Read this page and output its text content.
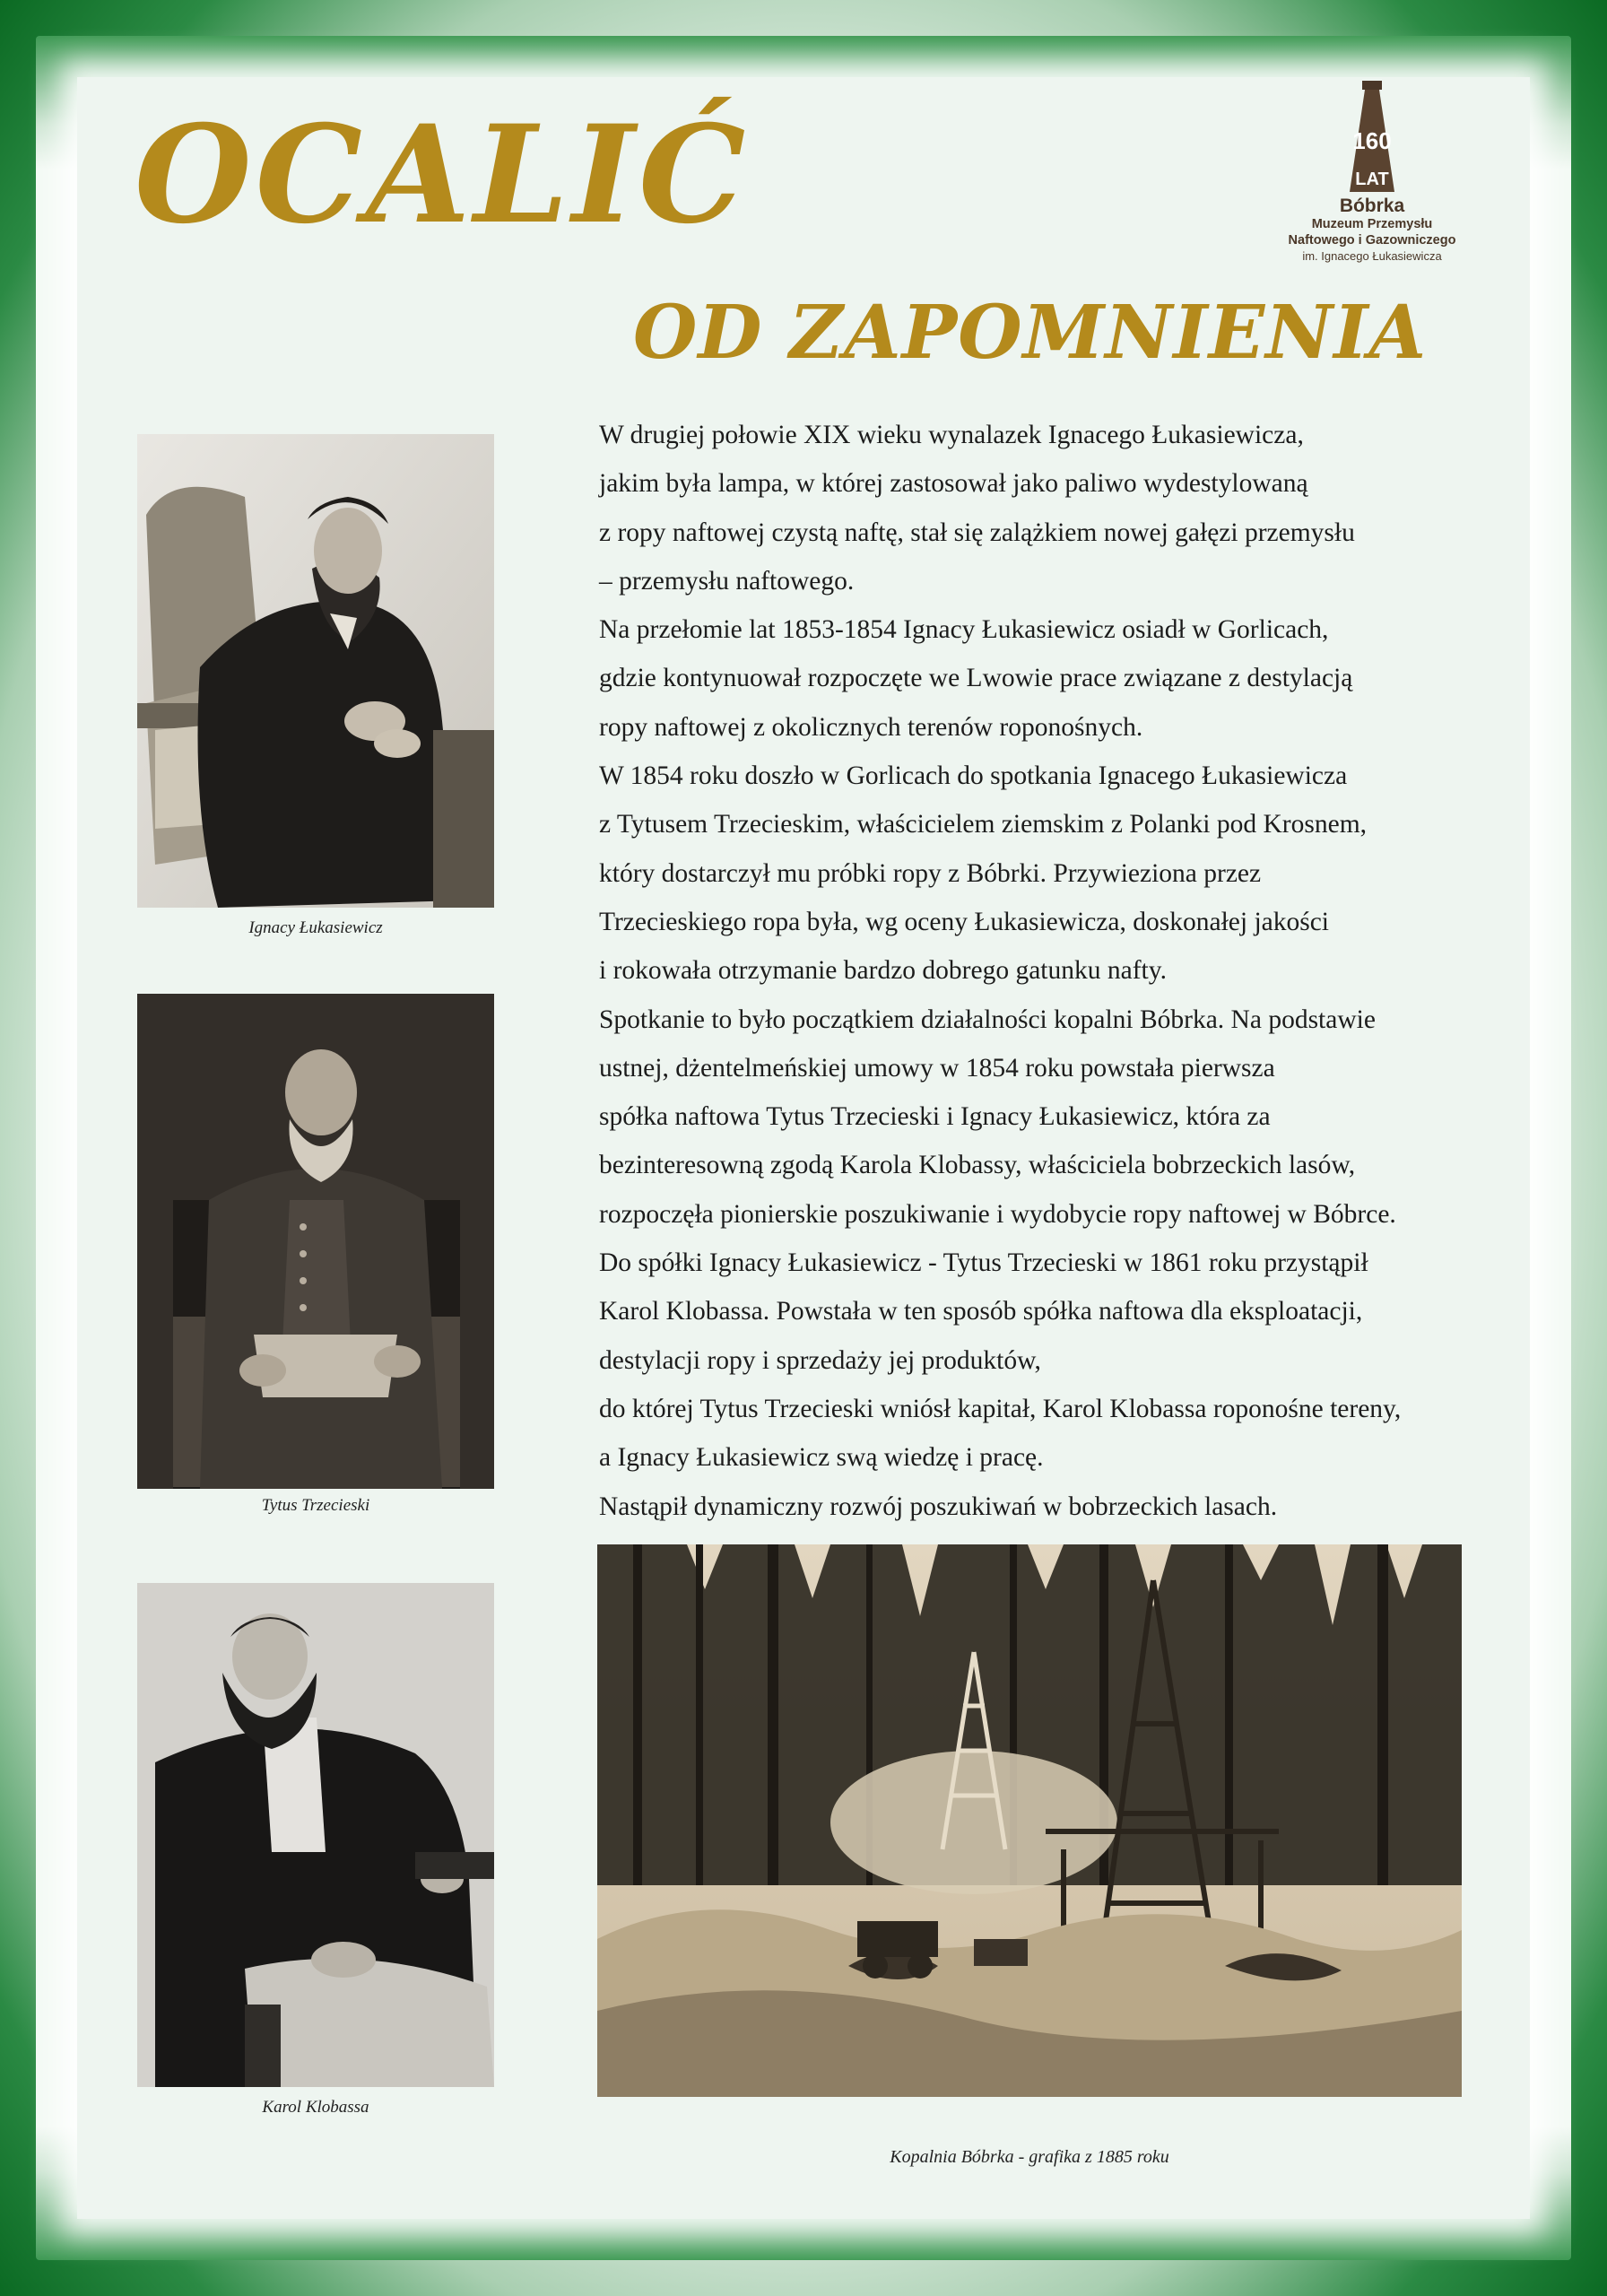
OCALIĆ
OD ZAPOMNIENIA
160
LAT
Bóbrka
Muzeum Przemysłu
Naftowego i Gazowniczego
im. Ignacego Łukasiewicza

W drugiej połowie XIX wieku wynalazek Ignacego Łukasiewicza,

jakim była lampa, w której zastosował jako paliwo wydestylowaną

z ropy naftowej czystą naftę, stał się zalążkiem nowej gałęzi przemysłu

– przemysłu naftowego.

Na przełomie lat 1853-1854 Ignacy Łukasiewicz osiadł w Gorlicach,

gdzie kontynuował rozpoczęte we Lwowie prace związane z destylacją

ropy naftowej z okolicznych terenów roponośnych.

W 1854 roku doszło w Gorlicach do spotkania Ignacego Łukasiewicza

z Tytusem Trzecieskim, właścicielem ziemskim z Polanki pod Krosnem,

który dostarczył mu próbki ropy z Bóbrki. Przywieziona przez

Trzecieskiego ropa była, wg oceny Łukasiewicza, doskonałej jakości

i rokowała otrzymanie bardzo dobrego gatunku nafty.

Spotkanie to było początkiem działalności kopalni Bóbrka. Na podstawie

ustnej, dżentelmeńskiej umowy w 1854 roku powstała pierwsza

spółka naftowa Tytus Trzecieski i Ignacy Łukasiewicz, która za

bezinteresowną zgodą Karola Klobassy, właściciela bobrzeckich lasów,

rozpoczęła pionierskie poszukiwanie i wydobycie ropy naftowej w Bóbrce.

Do spółki Ignacy Łukasiewicz - Tytus Trzecieski w 1861 roku przystąpił

Karol Klobassa. Powstała w ten sposób spółka naftowa dla eksploatacji,

destylacji ropy i sprzedaży jej produktów,

do której Tytus Trzecieski wniósł kapitał, Karol Klobassa roponośne tereny,

a Ignacy Łukasiewicz swą wiedzę i pracę.

Nastąpił dynamiczny rozwój poszukiwań w bobrzeckich lasach.

Ignacy Łukasiewicz
Tytus Trzecieski
Karol Klobassa
Kopalnia Bóbrka - grafika z 1885 roku
